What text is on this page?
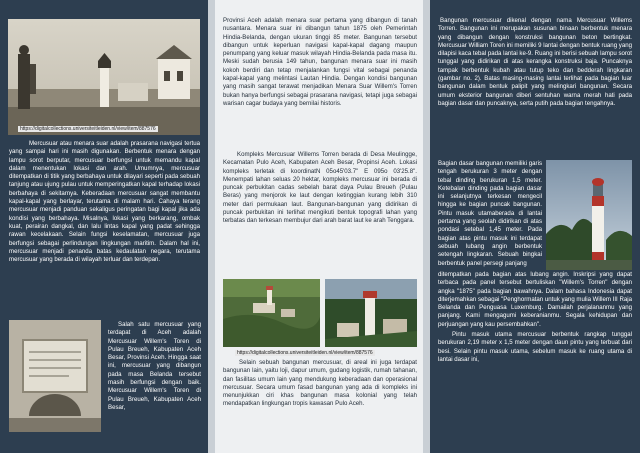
https://digitalcollections.universiteitleiden.nl/view/item/887576

Mercusuar atau menara suar adalah prasarana navigasi tertua yang sampai hari ini masih digunakan. Berbentuk menara dengan lampu sorot berputar, mercusuar berfungsi untuk memandu kapal dalam menentukan lokasi dan arah. Umumnya, mercusuar ditempatkan di titik yang berbahaya untuk dilayari seperti pada sebuah tanjung atau ujung pulau untuk memperingatkan kapal terhadap lokasi berbahaya di sekitarnya. Keberadaan mercusuar sangat membantu kapal-kapal yang berlayar, terutama di malam hari. Cahaya terang mercusuar menjadi panduan sekaligus peringatan bagi kapal jika ada kondisi yang berbahaya. Misalnya, lokasi yang berkarang, ombak kuat, perairan dangkal, dan lalu lintas kapal yang padat sehingga rawan kecelakaan. Selain fungsi keselamatan, mercusuar juga berfungsi sebagai perlindungan lingkungan maritim. Dalam hal ini, mercusuar menjadi penanda batas kedaulatan negara, terutama mercusuar yang berada di wilayah terluar dan terdepan.

Salah satu mercusuar yang terdapat di Aceh adalah Mercusuar Willem's Toren di Pulau Breueh, Kabupaten Aceh Besar, Provinsi Aceh. Hingga saat ini, mercusuar yang dibangun pada masa Belanda tersebut masih berfungsi dengan baik. Mercusuar Willem's Toren di Pulau Breueh, Kabupaten Aceh Besar,

Provinsi Aceh adalah menara suar pertama yang dibangun di tanah nusantara. Menara suar ini dibangun tahun 1875 oleh Pemerintah Hindia-Belanda, dengan ukuran tinggi 85 meter. Bangunan tersebut dibangun untuk keperluan navigasi kapal-kapal dagang maupun penumpang yang keluar masuk wilayah Hindia-Belanda pada masa itu. Meski sudah berusia 149 tahun, bangunan menara suar ini masih kokoh berdiri dan tetap menjalankan fungsi vital sebagai penanda kapal-kapal yang melintasi Lautan Hindia. Dengan kondisi bangunan yang masih sangat terawat menjadikan Menara Suar Willem's Torren bukan hanya berfungsi sebagai prasarana navigasi, tetapi juga sebagai warisan cagar budaya yang bernilai historis.

Kompleks Mercusuar Willems Torren berada di Desa Meulingge, Kecamatan Pulo Aceh, Kabupaten Aceh Besar, Propinsi Aceh. Lokasi kompleks terletak di koordinatN 05o45'03.7" E 095o 03'25.8". Menempati lahan seluas 20 hektar, kompleks mercusuar ini berada di puncak perbukitan cadas sebelah barat daya Pulau Breueh (Pulau Beras) yang menjorok ke laut dengan ketinggian kurang lebih 310 meter dari permukaan laut. Bangunan-bangunan yang didirikan di puncak perbukitan ini terlihat mengikuti bentuk topografi lahan yang terbatas dan terkesan membujur dari arah barat laut ke arah Tenggara.

https://digitalcollections.universiteitleiden.nl/view/item/887576

Selain sebuah bangunan mercusuar, di areal ini juga terdapat bangunan lain, yaitu loji, dapur umum, gudang logistik, rumah tahanan, dan fasilitas umum lain yang mendukung keberadaan dan operasional mercusuar. Secara umum fasad bangunan yang ada di kompleks ini menunjukkan ciri khas bangunan masa kolonial yang telah mendapatkan lingkungan tropis kawasan Pulo Aceh.

Bangunan mercusuar dikenal dengan nama Mercusuar Willems Torren. Bangunan ini merupakan susunan binaan berbentuk menara yang dibangun dengan konstruksi bangunan beton bertingkat. Mercusuar William Toren ini memiliki 9 lantai dengan bentuk ruang yang dilapisi kaca tebal pada lantai ke-9. Ruang ini berisi sebuah lampu sorot tunggal yang didirikan di atas kerangka konstruksi baja. Puncaknya tampak berbentuk kubah atau tutup teko dan bedderah lingkaran (gambar no. 2). Batas masing-masing lantai terlihat pada bagian luar bangunan dalam bentuk palipit yang melingkari bangunan. Secara umum eksterior bangunan diberi sentuhan warna merah hati pada bagian dasar dan puncaknya, serta putih pada bagian tengahnya.

Bagian dasar bangunan memiliki garis tengah berukuran 3 meter dengan tebal dinding berukuran 1,5 meter. Ketebalan dinding pada bagian dasar ini selanjutnya terkesan mengecil hingga ke bagian puncak bangunan. Pintu masuk utamaberada di lantai pertama yang seolah didirikan di atas pondasi setebal 1,45 meter. Pada bagian atas pintu masuk ini terdapat sebuah lubang angin berbentuk setengah lingkaran. Sebuah bingkai berbentuk panel persegi panjang

Pintu masuk utama mercusuar berbentuk rangkap tunggal berukuran 2,19 meter x 1,5 meter dengan daun pintu yang terbuat dari besi. Selain pintu masuk utama, sebelum masuk ke ruang utama di lantai dasar ini,

ditempatkan pada bagian atas lubang angin. Inskripsi yang dapat terbaca pada panel tersebut bertuliskan "Willem's Torren" dengan angka "1875" pada bagian bawahnya. Dalam bahasa Indonesia dapat diterjemahkan sebagai "Penghormatan untuk yang mulia Willem III Raja Belanda dan Penguasa Luxemburg. Damailah perjalananmu yang panjang. Kami mengagumi keberanianmu. Segala kehidupan dan perjuangan yang kau persembahkan".
